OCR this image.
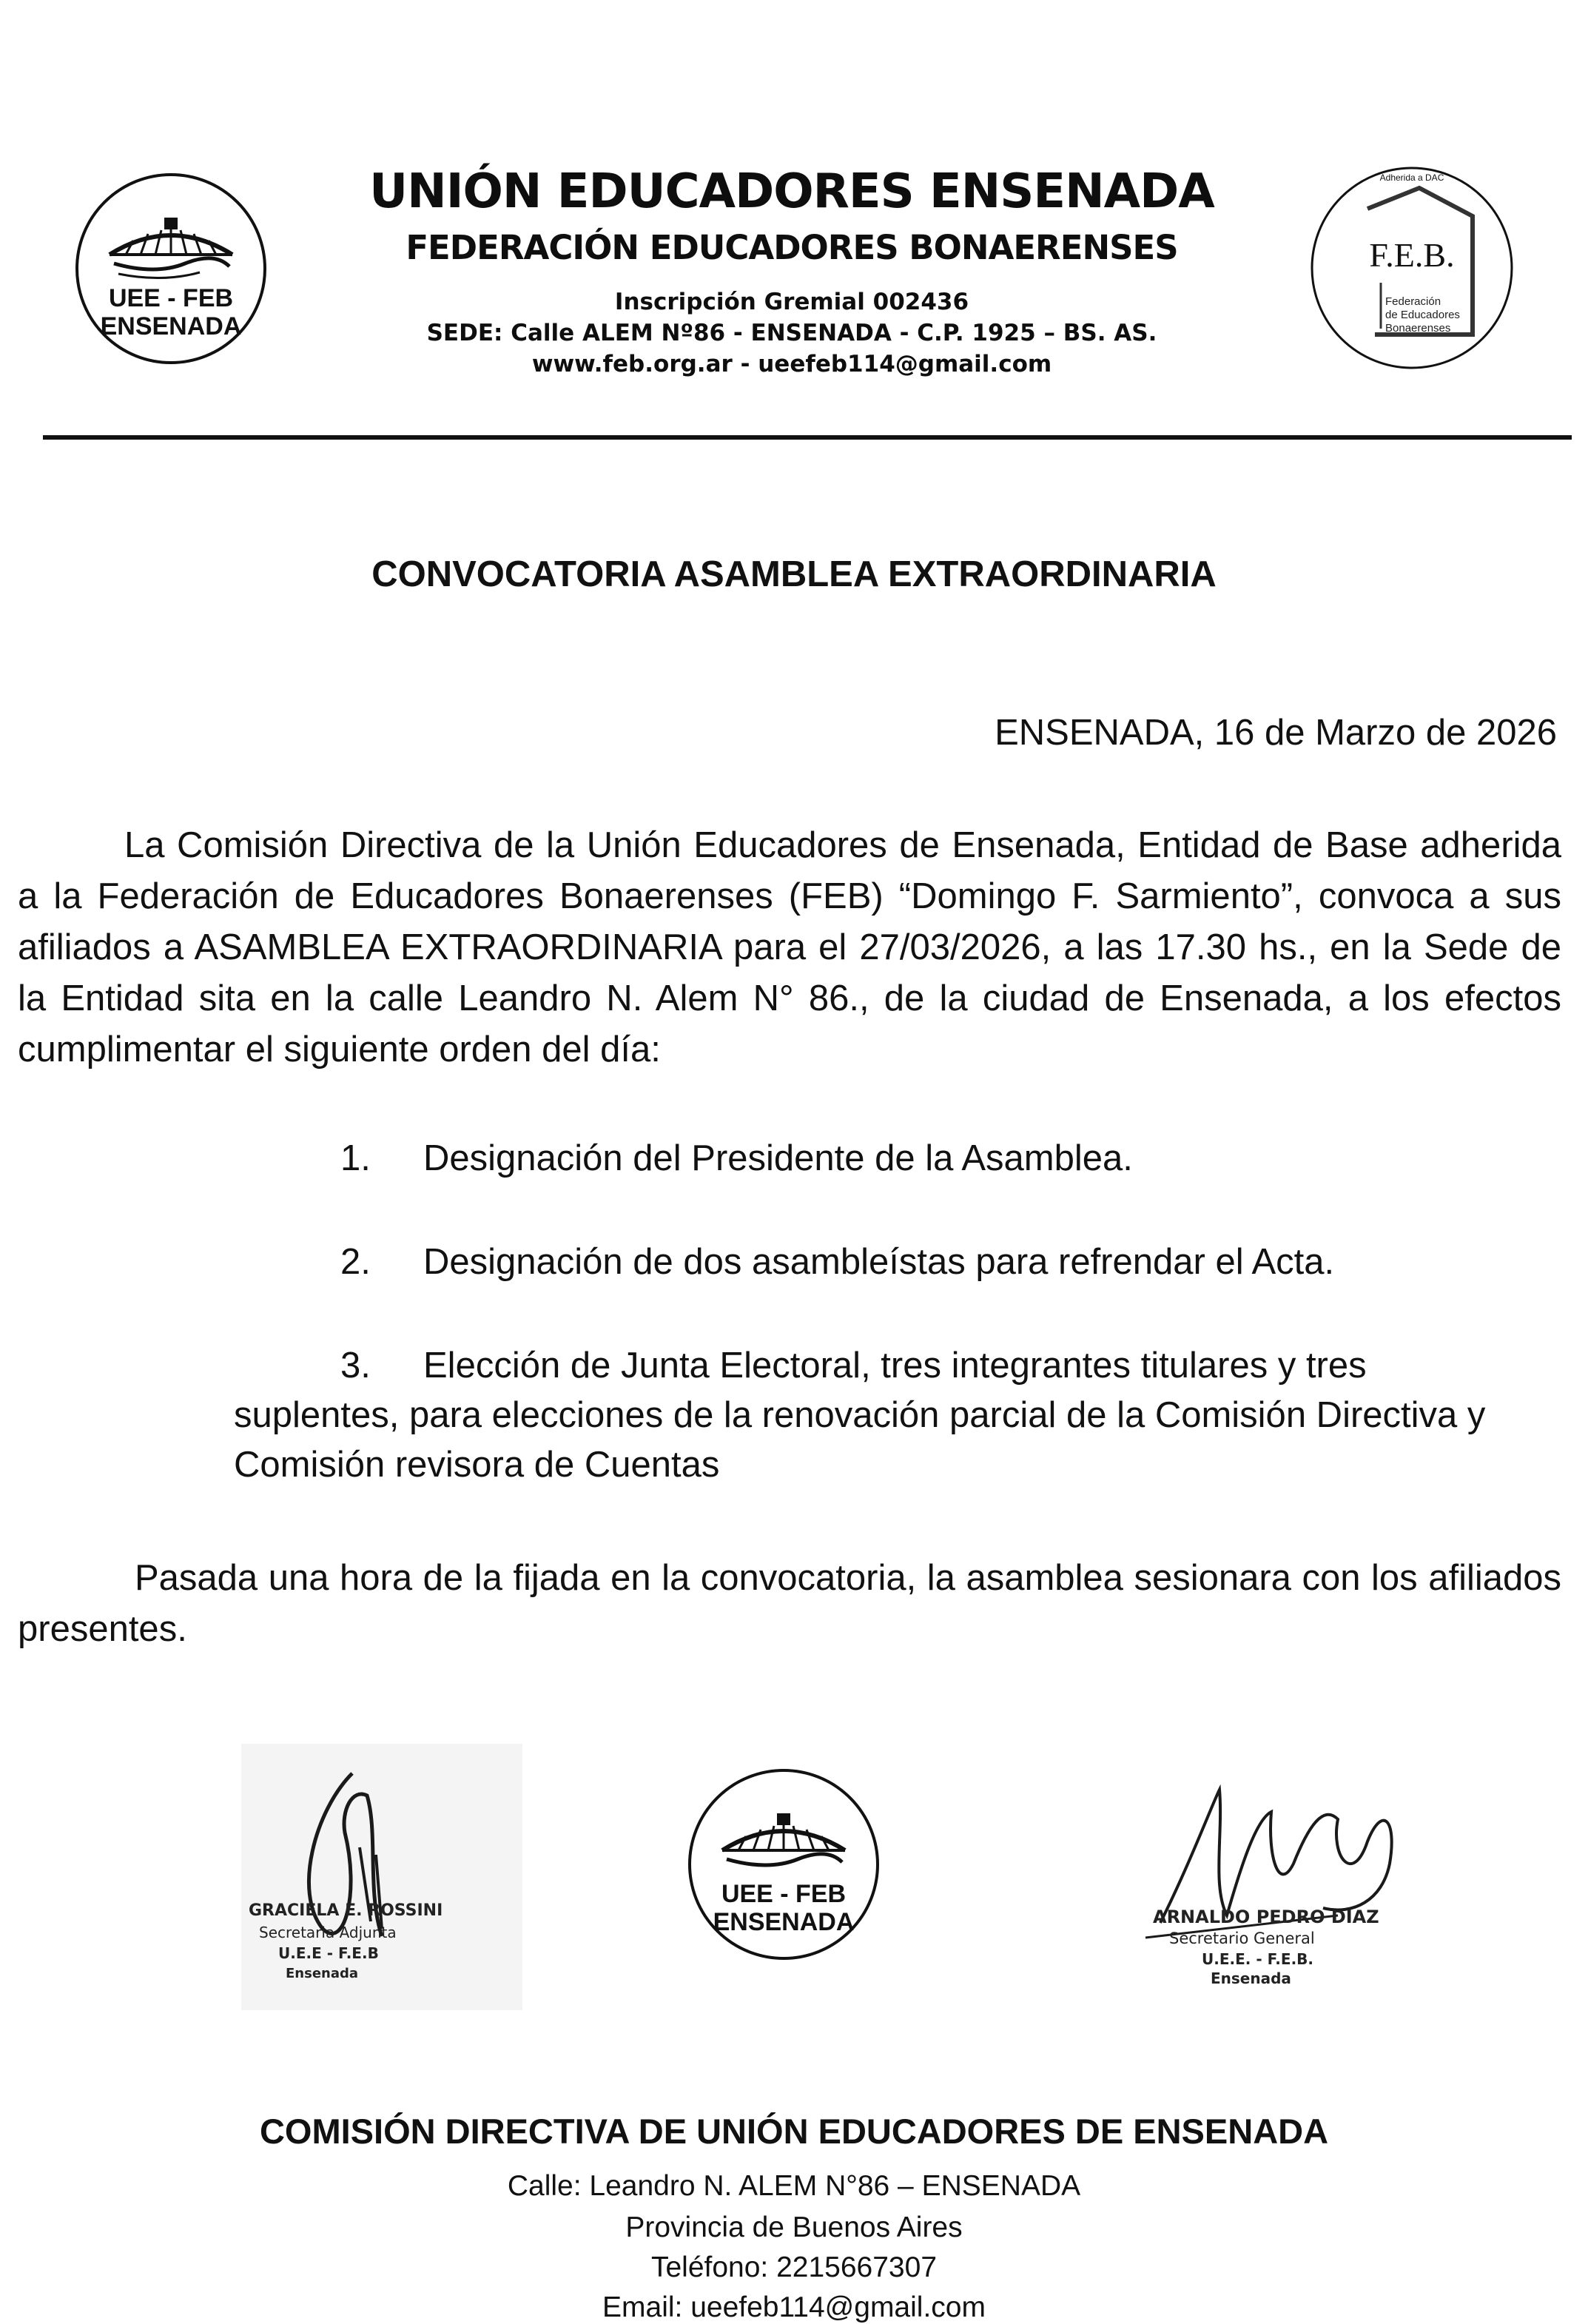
UEE - FEB
ENSENADA
UNIÓN EDUCADORES ENSENADA
FEDERACIÓN EDUCADORES BONAERENSES
Inscripción Gremial 002436
SEDE: Calle ALEM Nº86 - ENSENADA - C.P. 1925 – BS. AS.
www.feb.org.ar - ueefeb114@gmail.com
Adherida a DAC
F.E.B.
Federación
de Educadores
Bonaerenses
CONVOCATORIA ASAMBLEA EXTRAORDINARIA
ENSENADA, 16 de Marzo de 2026
La Comisión Directiva de la Unión Educadores de Ensenada, Entidad de Base adherida a la Federación de Educadores Bonaerenses (FEB) “Domingo F. Sarmiento”, convoca a sus afiliados a ASAMBLEA EXTRAORDINARIA para el 27/03/2026, a las 17.30 hs., en la Sede de la Entidad sita en la calle Leandro N. Alem N° 86., de la ciudad de Ensenada, a los efectos cumplimentar el siguiente orden del día:
1. Designación del Presidente de la Asamblea.
2. Designación de dos asambleístas para refrendar el Acta.
3. Elección de Junta Electoral, tres integrantes titulares y tres
suplentes, para elecciones de la renovación parcial de la Comisión Directiva y Comisión revisora de Cuentas
Pasada una hora de la fijada en la convocatoria, la asamblea sesionara con los afiliados presentes.
GRACIELA E. ROSSINI
Secretaria Adjunta
U.E.E - F.E.B
Ensenada
UEE - FEB
ENSENADA	ARNALDO PEDRO DIAZ
Secretario General
U.E.E. - F.E.B.
Ensenada
COMISIÓN DIRECTIVA DE UNIÓN EDUCADORES DE ENSENADA
Calle: Leandro N. ALEM N°86 – ENSENADA
Provincia de Buenos Aires
Teléfono: 2215667307
Email: ueefeb114@gmail.com
